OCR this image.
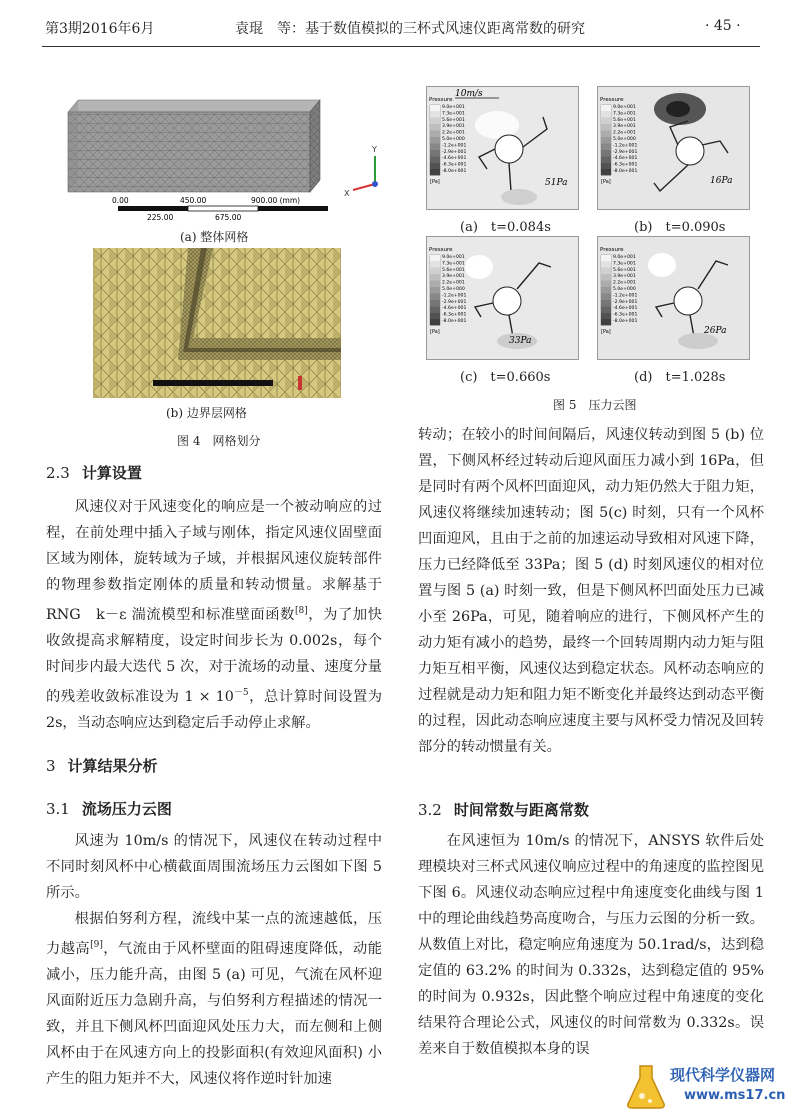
第3期2016年6月	袁琨　等：基于数值模拟的三杯式风速仪距离常数的研究	· 45 ·
Y
X
0.00	450.00	900.00 (mm)
225.00	675.00
(a) 整体网格
(b) 边界层网格
图 4　网格划分
Pressure
9.0e+001
7.3e+001
5.6e+001
3.9e+001
2.2e+001
5.0e+000
-1.2e+001
-2.9e+001
-4.6e+001
-6.3e+001
-8.0e+001
[Pa]
10m/s
51Pa
Pressure
9.0e+001
7.3e+001
5.6e+001
3.9e+001
2.2e+001
5.0e+000
-1.2e+001
-2.9e+001
-4.6e+001
-6.3e+001
-8.0e+001
[Pa]	16Pa
(a)　t=0.084s	(b)　t=0.090s
Pressure
9.0e+001
7.3e+001
5.6e+001
3.9e+001
2.2e+001
5.0e+000
-1.2e+001
-2.9e+001
-4.6e+001
-6.3e+001
-8.0e+001
[Pa]
33Pa
Pressure
9.0e+001
7.3e+001
5.6e+001
3.9e+001
2.2e+001
5.0e+000
-1.2e+001
-2.9e+001
-4.6e+001
-6.3e+001
-8.0e+001
[Pa]	26Pa
(c)　t=0.660s	(d)　t=1.028s
图 5　压力云图
2.3 计算设置

风速仪对于风速变化的响应是一个被动响应的过程，在前处理中插入子域与刚体，指定风速仪固壁面区域为刚体，旋转域为子域，并根据风速仪旋转部件的物理参数指定刚体的质量和转动惯量。求解基于 RNG　k－ε 湍流模型和标准壁面函数[8]，为了加快收敛提高求解精度，设定时间步长为 0.002s，每个时间步内最大迭代 5 次，对于流场的动量、速度分量的残差收敛标准设为 $1 \times 10^{-5}$，总计算时间设置为2s，当动态响应达到稳定后手动停止求解。

3 计算结果分析
3.1 流场压力云图

风速为 10m/s 的情况下，风速仪在转动过程中不同时刻风杯中心横截面周围流场压力云图如下图 5 所示。

根据伯努利方程，流线中某一点的流速越低，压力越高[9]，气流由于风杯壁面的阻碍速度降低，动能减小，压力能升高，由图 5 (a) 可见，气流在风杯迎风面附近压力急剧升高，与伯努利方程描述的情况一致，并且下侧风杯凹面迎风处压力大，而左侧和上侧风杯由于在风速方向上的投影面积(有效迎风面积) 小产生的阻力矩并不大，风速仪将作逆时针加速

转动；在较小的时间间隔后，风速仪转动到图 5 (b) 位置，下侧风杯经过转动后迎风面压力减小到 16Pa，但是同时有两个风杯凹面迎风，动力矩仍然大于阻力矩，风速仪将继续加速转动；图 5(c) 时刻，只有一个风杯凹面迎风，且由于之前的加速运动导致相对风速下降，压力已经降低至 33Pa；图 5 (d) 时刻风速仪的相对位置与图 5 (a) 时刻一致，但是下侧风杯凹面处压力已减小至 26Pa，可见，随着响应的进行，下侧风杯产生的动力矩有减小的趋势，最终一个回转周期内动力矩与阻力矩互相平衡，风速仪达到稳定状态。风杯动态响应的过程就是动力矩和阻力矩不断变化并最终达到动态平衡的过程，因此动态响应速度主要与风杯受力情况及回转部分的转动惯量有关。

3.2 时间常数与距离常数

在风速恒为 10m/s 的情况下，ANSYS 软件后处理模块对三杯式风速仪响应过程中的角速度的监控图见下图 6。风速仪动态响应过程中角速度变化曲线与图 1 中的理论曲线趋势高度吻合，与压力云图的分析一致。从数值上对比，稳定响应角速度为 50.1rad/s，达到稳定值的 63.2% 的时间为 0.332s，达到稳定值的 95% 的时间为 0.932s，因此整个响应过程中角速度的变化结果符合理论公式，风速仪的时间常数为 0.332s。误差来自于数值模拟本身的误

现代科学仪器网
www.ms17.cn
